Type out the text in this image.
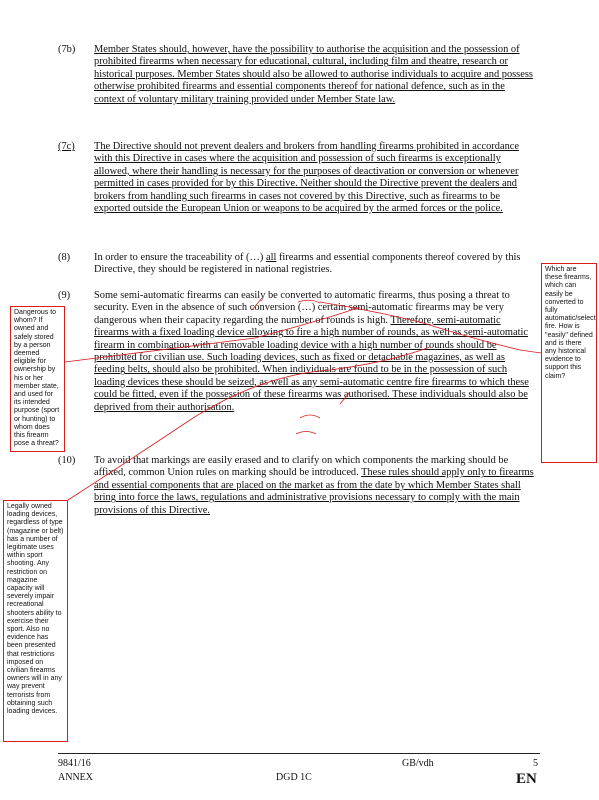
(7b) Member States should, however, have the possibility to authorise the acquisition and the possession of prohibited firearms when necessary for educational, cultural, including film and theatre, research or historical purposes. Member States should also be allowed to authorise individuals to acquire and possess otherwise prohibited firearms and essential components thereof for national defence, such as in the context of voluntary military training provided under Member State law.
(7c) The Directive should not prevent dealers and brokers from handling firearms prohibited in accordance with this Directive in cases where the acquisition and possession of such firearms is exceptionally allowed, where their handling is necessary for the purposes of deactivation or conversion or whenever permitted in cases provided for by this Directive. Neither should the Directive prevent the dealers and brokers from handling such firearms in cases not covered by this Directive, such as firearms to be exported outside the European Union or weapons to be acquired by the armed forces or the police.
(8) In order to ensure the traceability of (…) all firearms and essential components thereof covered by this Directive, they should be registered in national registries.
(9) Some semi-automatic firearms can easily be converted to automatic firearms, thus posing a threat to security. Even in the absence of such conversion (…) certain semi-automatic firearms may be very dangerous when their capacity regarding the number of rounds is high. Therefore, semi-automatic firearms with a fixed loading device allowing to fire a high number of rounds, as well as semi-automatic firearm in combination with a removable loading device with a high number of rounds should be prohibited for civilian use. Such loading devices, such as fixed or detachable magazines, as well as feeding belts, should also be prohibited. When individuals are found to be in the possession of such loading devices these should be seized, as well as any semi-automatic centre fire firearms to which these could be fitted, even if the possession of these firearms was authorised. These individuals should also be deprived from their authorisation.
(10) To avoid that markings are easily erased and to clarify on which components the marking should be affixed, common Union rules on marking should be introduced. These rules should apply only to firearms and essential components that are placed on the market as from the date by which Member States shall bring into force the laws, regulations and administrative provisions necessary to comply with the main provisions of this Directive.
Which are these firearms, which can easily be converted to fully automatic/select fire. How is "easily" defined and is there any historical evidence to support this claim?
Dangerous to whom? If owned and safely stored by a person deemed eligible for ownership by his or her member state, and used for its intended purpose (sport or hunting) to whom does this firearm pose a threat?
Legally owned loading devices, regardless of type (magazine or belt) has a number of legitimate uses within sport shooting. Any restriction on magazine capacity will severely impair recreational shooters ability to exercise their sport. Also no evidence has been presented that restrictions imposed on civilian firearms owners will in any way prevent terrorists from obtaining such loading devices.
9841/16
ANNEX
GB/vdh
DGD 1C
5
EN
